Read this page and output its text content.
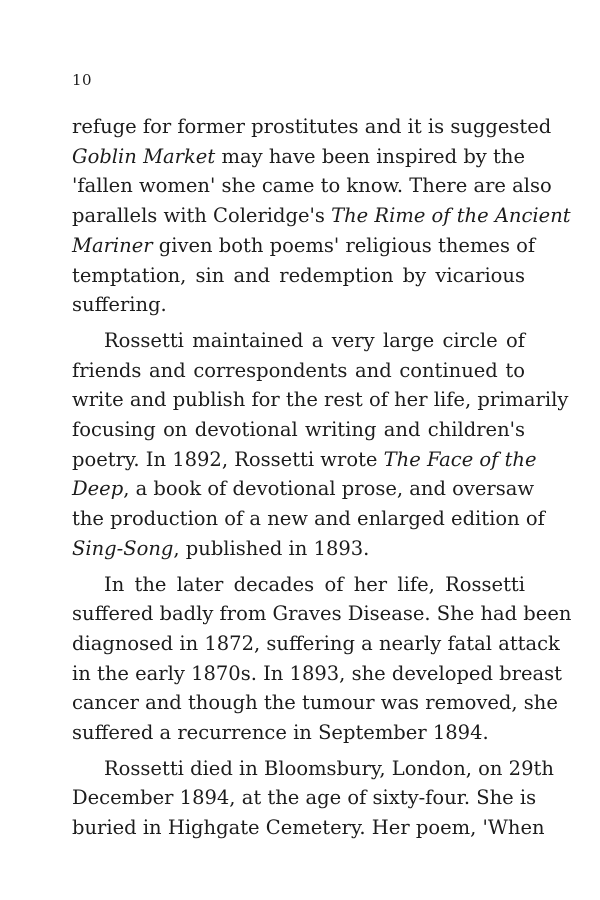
10
refuge for former prostitutes and it is suggested
Goblin Market may have been inspired by the
'fallen women' she came to know. There are also
parallels with Coleridge's The Rime of the Ancient
Mariner given both poems' religious themes of
temptation, sin and redemption by vicarious
suffering.
Rossetti maintained a very large circle of
friends and correspondents and continued to
write and publish for the rest of her life, primarily
focusing on devotional writing and children's
poetry. In 1892, Rossetti wrote The Face of the
Deep, a book of devotional prose, and oversaw
the production of a new and enlarged edition of
Sing-Song, published in 1893.
In the later decades of her life, Rossetti
suffered badly from Graves Disease. She had been
diagnosed in 1872, suffering a nearly fatal attack
in the early 1870s. In 1893, she developed breast
cancer and though the tumour was removed, she
suffered a recurrence in September 1894.
Rossetti died in Bloomsbury, London, on 29th
December 1894, at the age of sixty-four. She is
buried in Highgate Cemetery. Her poem, 'When
